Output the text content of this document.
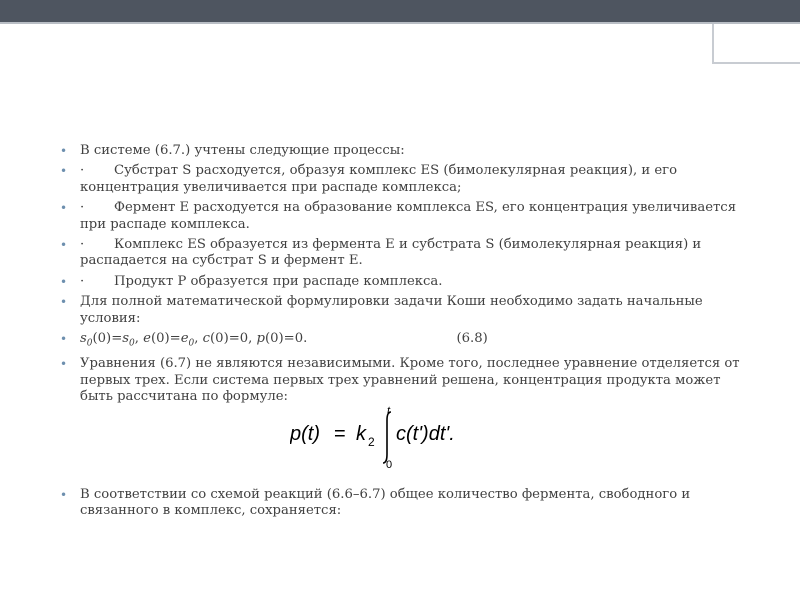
• В системе (6.7.) учтены следующие процессы:
• · Субстрат S расходуется, образуя комплекс ES (бимолекулярная реакция), и его концентрация увеличивается при распаде комплекса;
• · Фермент E расходуется на образование комплекса ES, его концентрация увеличивается при распаде комплекса.
• · Комплекс ES образуется из фермента E и субстрата S (бимолекулярная реакция) и распадается на субстрат S и фермент E.
• · Продукт P образуется при распаде комплекса.
• Для полной математической формулировки задачи Коши необходимо задать начальные условия:
• $s_0(0)=s_0$, $e(0)=e_0$, c(0)=0, p(0)=0.	(6.8)
• Уравнения (6.7) не являются независимыми. Кроме того, последнее уравнение отделяется от первых трех. Если система первых трех уравнений решена, концентрация продукта может быть рассчитана по формуле:
p(t) = k 2
t
0
c(t')dt'.
• В соответствии со схемой реакций (6.6–6.7) общее количество фермента, свободного и связанного в комплекс, сохраняется:
